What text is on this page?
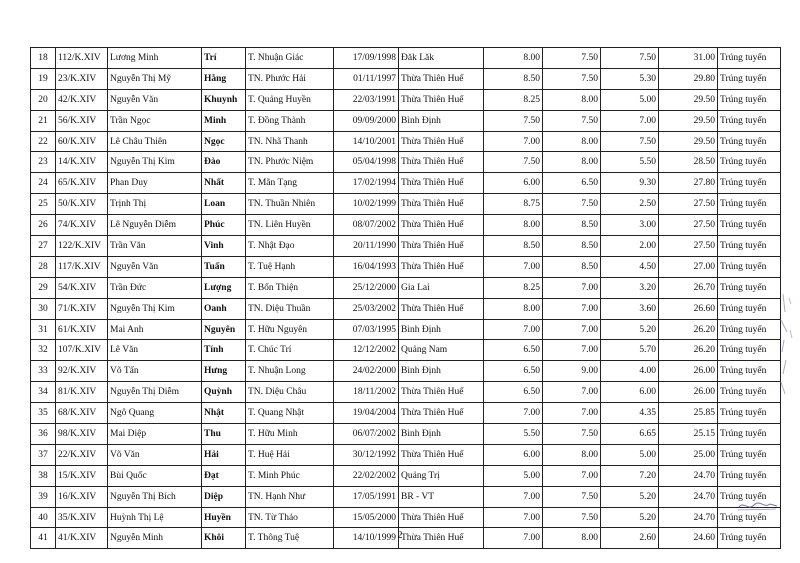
18	112/K.XIV	Lương Minh	Trí	T. Nhuận Giác	17/09/1998	Đăk Lăk	8.00	7.50	7.50	31.00	Trúng tuyển
19	23/K.XIV	Nguyễn Thị Mỹ	Hằng	TN. Phước Hải	01/11/1997	Thừa Thiên Huế	8.50	7.50	5.30	29.80	Trúng tuyển
20	42/K.XIV	Nguyễn Văn	Khuynh	T. Quảng Huyền	22/03/1991	Thừa Thiên Huế	8.25	8.00	5.00	29.50	Trúng tuyển
21	56/K.XIV	Trần Ngọc	Minh	T. Đồng Thành	09/09/2000	Bình Định	7.50	7.50	7.00	29.50	Trúng tuyển
22	60/K.XIV	Lê Châu Thiên	Ngọc	TN. Nhã Thanh	14/10/2001	Thừa Thiên Huế	7.00	8.00	7.50	29.50	Trúng tuyển
23	14/K.XIV	Nguyễn Thị Kim	Đào	TN. Phước Niệm	05/04/1998	Thừa Thiên Huế	7.50	8.00	5.50	28.50	Trúng tuyển
24	65/K.XIV	Phan Duy	Nhất	T. Mãn Tạng	17/02/1994	Thừa Thiên Huế	6.00	6.50	9.30	27.80	Trúng tuyển
25	50/K.XIV	Trịnh Thị	Loan	TN. Thuần Nhiên	10/02/1999	Thừa Thiên Huế	8.75	7.50	2.50	27.50	Trúng tuyển
26	74/K.XIV	Lê Nguyễn Diễm	Phúc	TN. Liên Huyền	08/07/2002	Thừa Thiên Huế	8.00	8.50	3.00	27.50	Trúng tuyển
27	122/K.XIV	Trần Văn	Vinh	T. Nhật Đạo	20/11/1990	Thừa Thiên Huế	8.50	8.50	2.00	27.50	Trúng tuyển
28	117/K.XIV	Nguyễn Văn	Tuấn	T. Tuệ Hạnh	16/04/1993	Thừa Thiên Huế	7.00	8.50	4.50	27.00	Trúng tuyển
29	54/K.XIV	Trần Đức	Lượng	T. Bổn Thiện	25/12/2000	Gia Lai	8.25	7.00	3.20	26.70	Trúng tuyển
30	71/K.XIV	Nguyễn Thị Kim	Oanh	TN. Diệu Thuần	25/03/2002	Thừa Thiên Huế	8.00	7.00	3.60	26.60	Trúng tuyển
31	61/K.XIV	Mai Anh	Nguyên	T. Hữu Nguyên	07/03/1995	Bình Định	7.00	7.00	5.20	26.20	Trúng tuyển
32	107/K.XIV	Lê Văn	Tính	T. Chúc Trí	12/12/2002	Quảng Nam	6.50	7.00	5.70	26.20	Trúng tuyển
33	92/K.XIV	Võ Tấn	Hưng	T. Nhuận Long	24/02/2000	Bình Định	6.50	9.00	4.00	26.00	Trúng tuyển
34	81/K.XIV	Nguyễn Thị Diễm	Quỳnh	TN. Diệu Châu	18/11/2002	Thừa Thiên Huế	6.50	7.00	6.00	26.00	Trúng tuyển
35	68/K.XIV	Ngô Quang	Nhật	T. Quang Nhật	19/04/2004	Thừa Thiên Huế	7.00	7.00	4.35	25.85	Trúng tuyển
36	98/K.XIV	Mai Diệp	Thu	T. Hữu Minh	06/07/2002	Bình Định	5.50	7.50	6.65	25.15	Trúng tuyển
37	22/K.XIV	Võ Văn	Hải	T. Huệ Hải	30/12/1992	Thừa Thiên Huế	6.00	8.00	5.00	25.00	Trúng tuyển
38	15/K.XIV	Bùi Quốc	Đạt	T. Minh Phúc	22/02/2002	Quảng Trị	5.00	7.00	7.20	24.70	Trúng tuyển
39	16/K.XIV	Nguyễn Thị Bích	Diệp	TN. Hạnh Như	17/05/1991	BR - VT	7.00	7.50	5.20	24.70	Trúng tuyển
40	35/K.XIV	Huỳnh Thị Lệ	Huyền	TN. Từ Thảo	15/05/2000	Thừa Thiên Huế	7.00	7.50	5.20	24.70	Trúng tuyển
41	41/K.XIV	Nguyễn Minh	Khôi	T. Thông Tuệ	14/10/1999	Thừa Thiên Huế	7.00	8.00	2.60	24.60	Trúng tuyển
2
